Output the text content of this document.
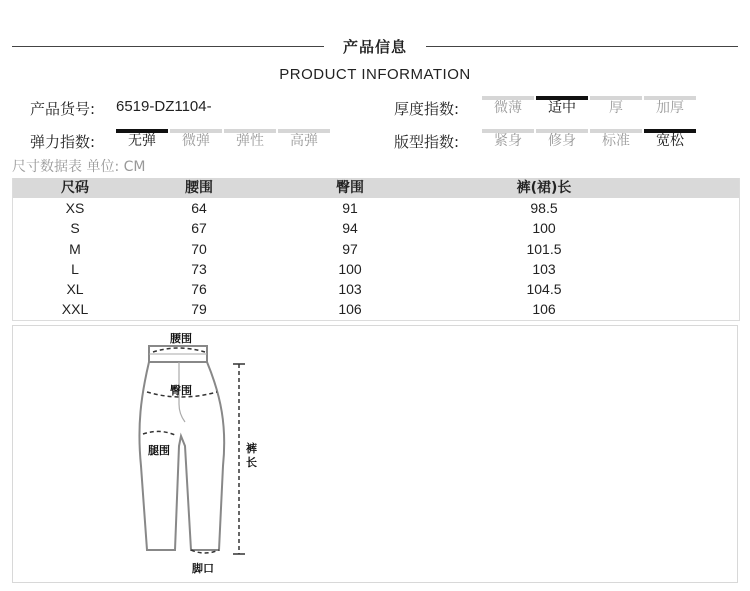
产品信息
PRODUCT INFORMATION
产品货号: 6519-DZ1104-	厚度指数:	微薄	适中	厚	加厚
弹力指数:	无弹	微弹	弹性	高弹	版型指数:	紧身	修身	标准	宽松
尺寸数据表 单位: CM
尺码	腰围	臀围	裤(裙)长
XS	64	91	98.5
S	67	94	100
M	70	97	101.5
L	73	100	103
XL	76	103	104.5
XXL	79	106	106
腰围
臀围
腿围	裤长
脚口
